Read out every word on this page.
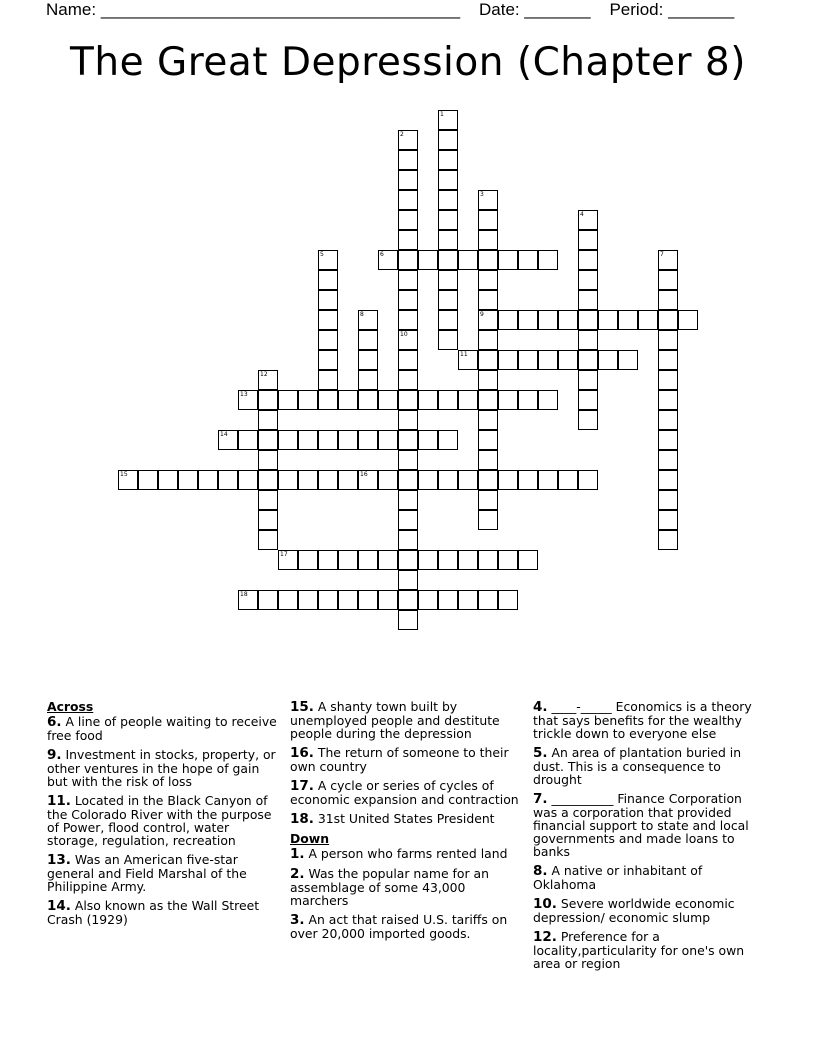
Name: ______________________________________ Date: _______ Period: _______
The Great Depression (Chapter 8)
6
9
11
13
14
15	16
17
18
1
2
3
4
5	7
8
10
12
Across
6. A line of people waiting to receive free food
9. Investment in stocks, property, or other ventures in the hope of gain but with the risk of loss
11. Located in the Black Canyon of the Colorado River with the purpose of Power, flood control, water storage, regulation, recreation
13. Was an American five-star general and Field Marshal of the Philippine Army.
14. Also known as the Wall Street Crash (1929)
15. A shanty town built by unemployed people and destitute people during the depression
16. The return of someone to their own country
17. A cycle or series of cycles of economic expansion and contraction
18. 31st United States President
Down
1. A person who farms rented land
2. Was the popular name for an assemblage of some 43,000 marchers
3. An act that raised U.S. tariffs on over 20,000 imported goods.
4. ____-_____ Economics is a theory that says benefits for the wealthy trickle down to everyone else
5. An area of plantation buried in dust. This is a consequence to drought
7. __________ Finance Corporation was a corporation that provided financial support to state and local governments and made loans to banks
8. A native or inhabitant of Oklahoma
10. Severe worldwide economic depression/ economic slump
12. Preference for a locality,particularity for one's own area or region
